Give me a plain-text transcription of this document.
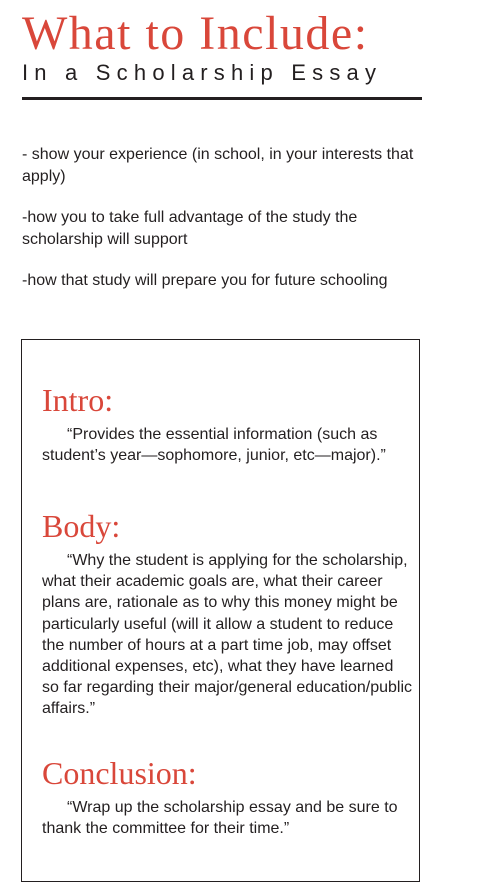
What to Include:
In a Scholarship Essay
- show your experience (in school, in your interests that apply)
-how you to take full advantage of the study the scholarship will support
-how that study will prepare you for future schooling
Intro:

“Provides the essential information (such as student’s year—sophomore, junior, etc—major).”

Body:

“Why the student is applying for the scholarship, what their academic goals are, what their career plans are, rationale as to why this money might be particularly useful (will it allow a student to reduce the number of hours at a part time job, may offset additional expenses, etc), what they have learned so far regarding their major/general education/public affairs.”

Conclusion:

“Wrap up the scholarship essay and be sure to thank the committee for their time.”
